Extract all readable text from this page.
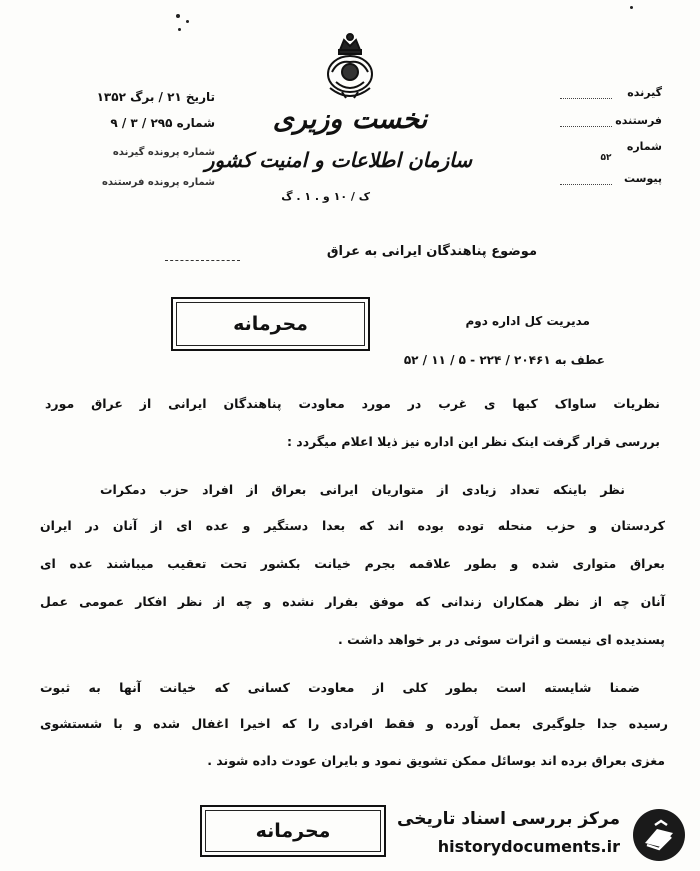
تاریخ ۲۱ / برگ ۱۳۵۲
شماره ۲۹۵ / ۳ / ۹
شماره پرونده گیرنده
شماره پرونده فرستنده
نخست وزیری
سازمان اطلاعات و امنیت کشور
ک / ۱۰ و . ۱ . گ
گیرنده
فرستنده
شماره
۵۲
پیوست
موضوع پناهندگان ایرانی به عراق
محرمانه	مدیریت کل اداره دوم
عطف به ۲۰۴۶۱ / ۲۲۴ - ۵ / ۱۱ / ۵۲
نظریات ساواک کبها ی غرب در مورد معاودت پناهندگان ایرانی از عراق مورد
بررسی قرار گرفت اینک نظر این اداره نیز ذیلا اعلام میگردد :
نظر باینکه تعداد زیادی از متواریان ایرانی بعراق از افراد حزب دمکرات
کردستان و حزب منحله توده بوده اند که بعدا دستگیر و عده ای از آنان در ایران
بعراق متواری شده و بطور علاقمه بجرم خیانت بکشور تحت تعقیب میباشند عده ای
آنان چه از نظر همکاران زندانی که موفق بفرار نشده و چه از نظر افکار عمومی عمل
پسندیده ای نیست و اثرات سوئی در بر خواهد داشت .
ضمنا شایسته است بطور کلی از معاودت کسانی که خیانت آنها به ثبوت
رسیده جدا جلوگیری بعمل آورده و فقط افرادی را که اخیرا اغفال شده و با شستشوی
مغزی بعراق برده اند بوسائل ممکن تشویق نمود و بایران عودت داده شوند .
محرمانه
مرکز بررسی اسناد تاریخی
historydocuments.ir
